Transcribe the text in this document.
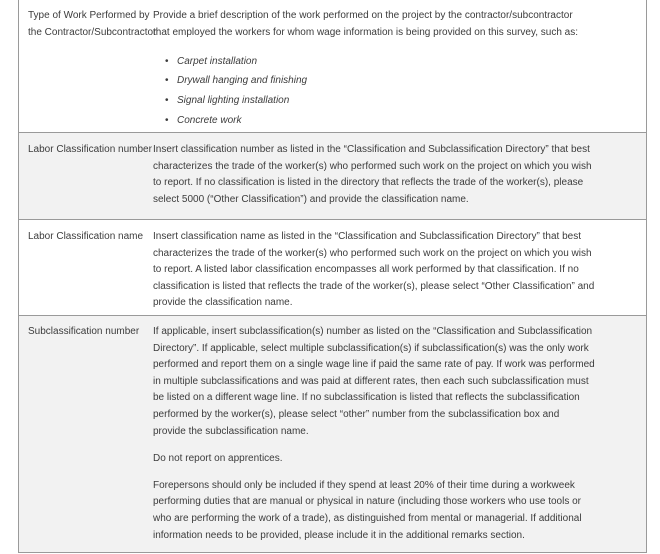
Type of Work Performed by
the Contractor/Subcontractor
Provide a brief description of the work performed on the project by the contractor/subcontractor
that employed the workers for whom wage information is being provided on this survey, such as:
• Carpet installation
• Drywall hanging and finishing
• Signal lighting installation
• Concrete work
Labor Classification number Insert classification number as listed in the “Classification and Subclassification Directory” that best
characterizes the trade of the worker(s) who performed such work on the project on which you wish
to report. If no classification is listed in the directory that reflects the trade of the worker(s), please
select 5000 (“Other Classification”) and provide the classification name.
Labor Classification name Insert classification name as listed in the “Classification and Subclassification Directory” that best
characterizes the trade of the worker(s) who performed such work on the project on which you wish
to report. A listed labor classification encompasses all work performed by that classification. If no
classification is listed that reflects the trade of the worker(s), please select “Other Classification” and
provide the classification name.
Subclassification number	If applicable, insert subclassification(s) number as listed on the “Classification and Subclassification
Directory”. If applicable, select multiple subclassification(s) if subclassification(s) was the only work
performed and report them on a single wage line if paid the same rate of pay. If work was performed
in multiple subclassifications and was paid at different rates, then each such subclassification must
be listed on a different wage line. If no subclassification is listed that reflects the subclassification
performed by the worker(s), please select “other” number from the subclassification box and
provide the subclassification name.
Do not report on apprentices.
Forepersons should only be included if they spend at least 20% of their time during a workweek
performing duties that are manual or physical in nature (including those workers who use tools or
who are performing the work of a trade), as distinguished from mental or managerial. If additional
information needs to be provided, please include it in the additional remarks section.
